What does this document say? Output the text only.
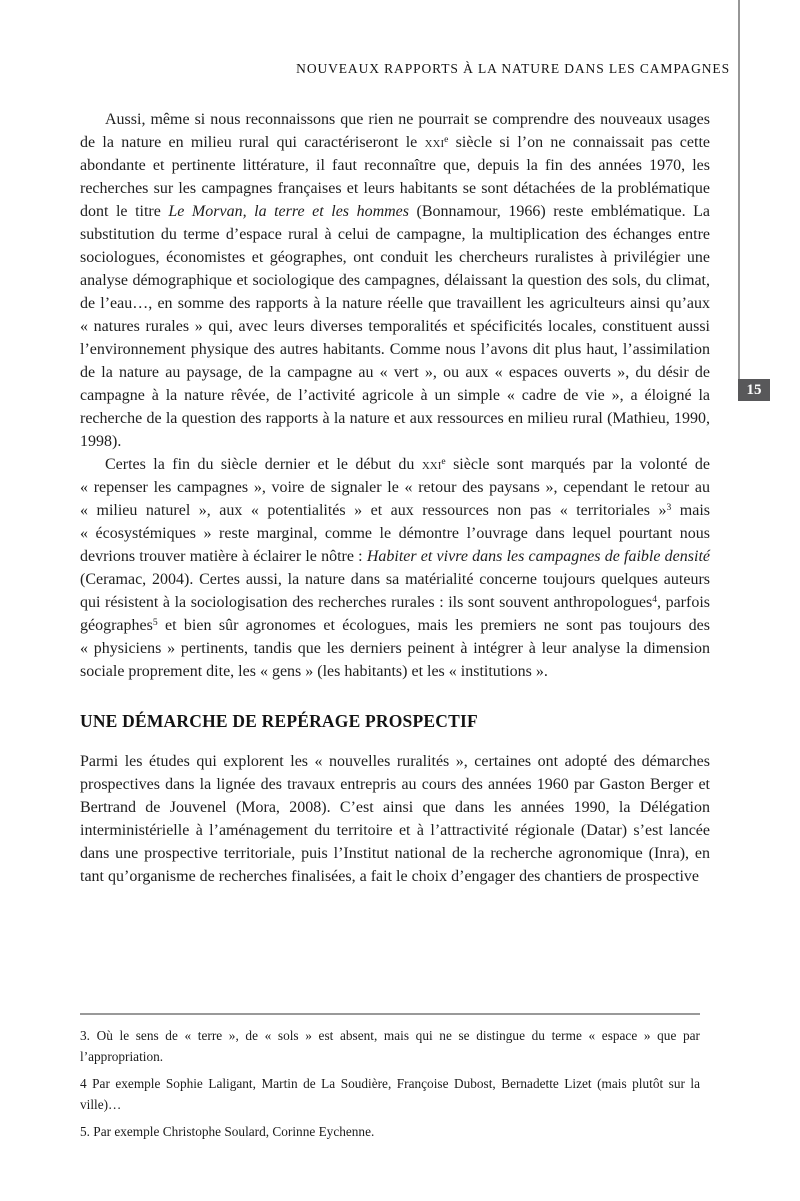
NOUVEAUX RAPPORTS À LA NATURE DANS LES CAMPAGNES
15

Aussi, même si nous reconnaissons que rien ne pourrait se comprendre des nouveaux usages de la nature en milieu rural qui caractériseront le xxi$^e$ siècle si l’on ne connaissait pas cette abondante et pertinente littérature, il faut reconnaître que, depuis la fin des années 1970, les recherches sur les campagnes françaises et leurs habitants se sont détachées de la problématique dont le titre Le Morvan, la terre et les hommes (Bonnamour, 1966) reste emblématique. La substitution du terme d’espace rural à celui de campagne, la multiplication des échanges entre sociologues, économistes et géographes, ont conduit les chercheurs ruralistes à privilégier une analyse démographique et sociologique des campagnes, délaissant la question des sols, du climat, de l’eau…, en somme des rapports à la nature réelle que travaillent les agriculteurs ainsi qu’aux « natures rurales » qui, avec leurs diverses temporalités et spécificités locales, constituent aussi l’environnement physique des autres habitants. Comme nous l’avons dit plus haut, l’assimilation de la nature au paysage, de la campagne au « vert », ou aux « espaces ouverts », du désir de campagne à la nature rêvée, de l’activité agricole à un simple « cadre de vie », a éloigné la recherche de la question des rapports à la nature et aux ressources en milieu rural (Mathieu, 1990, 1998).

Certes la fin du siècle dernier et le début du xxi$^e$ siècle sont marqués par la volonté de « repenser les campagnes », voire de signaler le « retour des paysans », cependant le retour au « milieu naturel », aux « potentialités » et aux ressources non pas « territoriales »$^3$ mais « écosystémiques » reste marginal, comme le démontre l’ouvrage dans lequel pourtant nous devrions trouver matière à éclairer le nôtre : Habiter et vivre dans les campagnes de faible densité (Ceramac, 2004). Certes aussi, la nature dans sa matérialité concerne toujours quelques auteurs qui résistent à la sociologisation des recherches rurales : ils sont souvent anthropologues$^4$, parfois géographes$^5$ et bien sûr agronomes et écologues, mais les premiers ne sont pas toujours des « physiciens » pertinents, tandis que les derniers peinent à intégrer à leur analyse la dimension sociale proprement dite, les « gens » (les habitants) et les « institutions ».

UNE DÉMARCHE DE REPÉRAGE PROSPECTIF

Parmi les études qui explorent les « nouvelles ruralités », certaines ont adopté des démarches prospectives dans la lignée des travaux entrepris au cours des années 1960 par Gaston Berger et Bertrand de Jouvenel (Mora, 2008). C’est ainsi que dans les années 1990, la Délégation interministérielle à l’aménagement du territoire et à l’attractivité régionale (Datar) s’est lancée dans une prospective territoriale, puis l’Institut national de la recherche agronomique (Inra), en tant qu’organisme de recherches finalisées, a fait le choix d’engager des chantiers de prospective

3. Où le sens de « terre », de « sols » est absent, mais qui ne se distingue du terme « espace » que par l’appropriation.

4 Par exemple Sophie Laligant, Martin de La Soudière, Françoise Dubost, Bernadette Lizet (mais plutôt sur la ville)…

5. Par exemple Christophe Soulard, Corinne Eychenne.
